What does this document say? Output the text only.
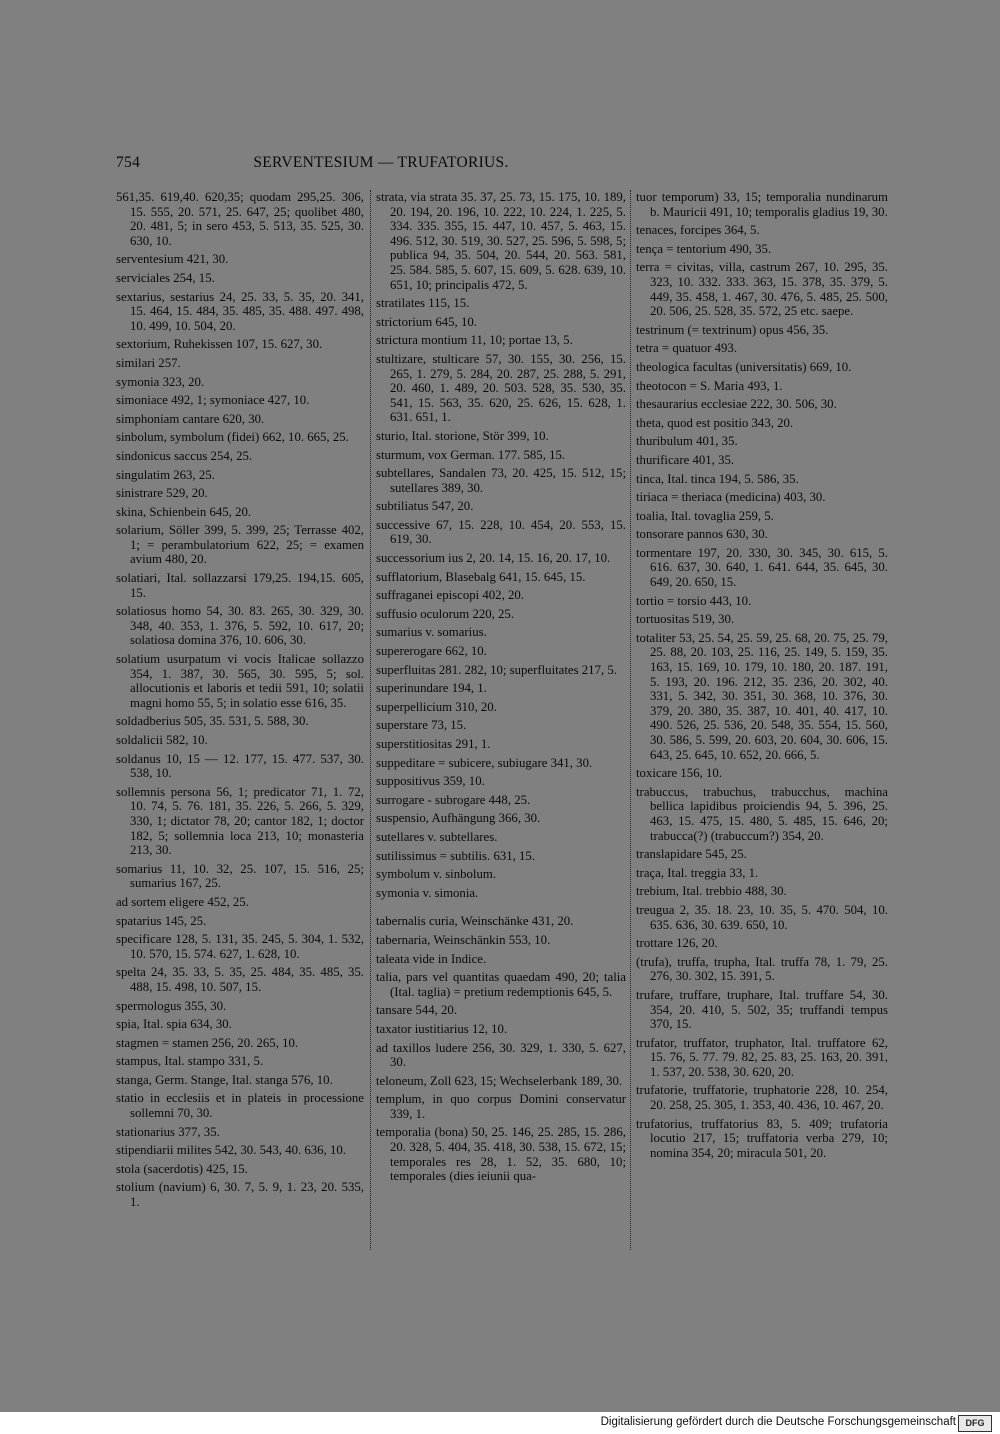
754	SERVENTESIUM — TRUFATORIUS.
561,35. 619,40. 620,35; quodam 295,25. 306, 15. 555, 20. 571, 25. 647, 25; quolibet 480, 20. 481, 5; in sero 453, 5. 513, 35. 525, 30. 630, 10.
serventesium 421, 30.
serviciales 254, 15.
sextarius, sestarius 24, 25. 33, 5. 35, 20. 341, 15. 464, 15. 484, 35. 485, 35. 488. 497. 498, 10. 499, 10. 504, 20.
sextorium, Ruhekissen 107, 15. 627, 30.
similari 257.
symonia 323, 20.
simoniace 492, 1; symoniace 427, 10.
simphoniam cantare 620, 30.
sinbolum, symbolum (fidei) 662, 10. 665, 25.
sindonicus saccus 254, 25.
singulatim 263, 25.
sinistrare 529, 20.
skina, Schienbein 645, 20.
solarium, Söller 399, 5. 399, 25; Terrasse 402, 1; = perambulatorium 622, 25; = examen avium 480, 20.
solatiari, Ital. sollazzarsi 179,25. 194,15. 605, 15.
solatiosus homo 54, 30. 83. 265, 30. 329, 30. 348, 40. 353, 1. 376, 5. 592, 10. 617, 20; solatiosa domina 376, 10. 606, 30.
solatium usurpatum vi vocis Italicae sollazzo 354, 1. 387, 30. 565, 30. 595, 5; sol. allocutionis et laboris et tedii 591, 10; solatii magni homo 55, 5; in solatio esse 616, 35.
soldadberius 505, 35. 531, 5. 588, 30.
soldalicii 582, 10.
soldanus 10, 15 — 12. 177, 15. 477. 537, 30. 538, 10.
sollemnis persona 56, 1; predicator 71, 1. 72, 10. 74, 5. 76. 181, 35. 226, 5. 266, 5. 329, 330, 1; dictator 78, 20; cantor 182, 1; doctor 182, 5; sollemnia loca 213, 10; monasteria 213, 30.
somarius 11, 10. 32, 25. 107, 15. 516, 25; sumarius 167, 25.
ad sortem eligere 452, 25.
spatarius 145, 25.
specificare 128, 5. 131, 35. 245, 5. 304, 1. 532, 10. 570, 15. 574. 627, 1. 628, 10.
spelta 24, 35. 33, 5. 35, 25. 484, 35. 485, 35. 488, 15. 498, 10. 507, 15.
spermologus 355, 30.
spia, Ital. spia 634, 30.
stagmen = stamen 256, 20. 265, 10.
stampus, Ital. stampo 331, 5.
stanga, Germ. Stange, Ital. stanga 576, 10.
statio in ecclesiis et in plateis in processione sollemni 70, 30.
stationarius 377, 35.
stipendiarii milites 542, 30. 543, 40. 636, 10.
stola (sacerdotis) 425, 15.
stolium (navium) 6, 30. 7, 5. 9, 1. 23, 20. 535, 1.
strata, via strata 35. 37, 25. 73, 15. 175, 10. 189, 20. 194, 20. 196, 10. 222, 10. 224, 1. 225, 5. 334. 335. 355, 15. 447, 10. 457, 5. 463, 15. 496. 512, 30. 519, 30. 527, 25. 596, 5. 598, 5; publica 94, 35. 504, 20. 544, 20. 563. 581, 25. 584. 585, 5. 607, 15. 609, 5. 628. 639, 10. 651, 10; principalis 472, 5.
stratilates 115, 15.
strictorium 645, 10.
strictura montium 11, 10; portae 13, 5.
stultizare, stulticare 57, 30. 155, 30. 256, 15. 265, 1. 279, 5. 284, 20. 287, 25. 288, 5. 291, 20. 460, 1. 489, 20. 503. 528, 35. 530, 35. 541, 15. 563, 35. 620, 25. 626, 15. 628, 1. 631. 651, 1.
sturio, Ital. storione, Stör 399, 10.
sturmum, vox German. 177. 585, 15.
subtellares, Sandalen 73, 20. 425, 15. 512, 15; sutellares 389, 30.
subtiliatus 547, 20.
successive 67, 15. 228, 10. 454, 20. 553, 15. 619, 30.
successorium ius 2, 20. 14, 15. 16, 20. 17, 10.
sufflatorium, Blasebalg 641, 15. 645, 15.
suffraganei episcopi 402, 20.
suffusio oculorum 220, 25.
sumarius v. somarius.
supererogare 662, 10.
superfluitas 281. 282, 10; superfluitates 217, 5.
superinundare 194, 1.
superpellicium 310, 20.
superstare 73, 15.
superstitiositas 291, 1.
suppeditare = subicere, subiugare 341, 30.
suppositivus 359, 10.
surrogare - subrogare 448, 25.
suspensio, Aufhängung 366, 30.
sutellares v. subtellares.
sutilissimus = subtilis. 631, 15.
symbolum v. sinbolum.
symonia v. simonia.
tabernalis curia, Weinschänke 431, 20.
tabernaria, Weinschänkin 553, 10.
taleata vide in Indice.
talia, pars vel quantitas quaedam 490, 20; talia (Ital. taglia) = pretium redemptionis 645, 5.
tansare 544, 20.
taxator iustitiarius 12, 10.
ad taxillos ludere 256, 30. 329, 1. 330, 5. 627, 30.
teloneum, Zoll 623, 15; Wechselerbank 189, 30.
templum, in quo corpus Domini conservatur 339, 1.
temporalia (bona) 50, 25. 146, 25. 285, 15. 286, 20. 328, 5. 404, 35. 418, 30. 538, 15. 672, 15; temporales res 28, 1. 52, 35. 680, 10; temporales (dies ieiunii qua-
tuor temporum) 33, 15; temporalia nundinarum b. Mauricii 491, 10; temporalis gladius 19, 30.
tenaces, forcipes 364, 5.
tença = tentorium 490, 35.
terra = civitas, villa, castrum 267, 10. 295, 35. 323, 10. 332. 333. 363, 15. 378, 35. 379, 5. 449, 35. 458, 1. 467, 30. 476, 5. 485, 25. 500, 20. 506, 25. 528, 35. 572, 25 etc. saepe.
testrinum (= textrinum) opus 456, 35.
tetra = quatuor 493.
theologica facultas (universitatis) 669, 10.
theotocon = S. Maria 493, 1.
thesaurarius ecclesiae 222, 30. 506, 30.
theta, quod est positio 343, 20.
thuribulum 401, 35.
thurificare 401, 35.
tinca, Ital. tinca 194, 5. 586, 35.
tiriaca = theriaca (medicina) 403, 30.
toalia, Ital. tovaglia 259, 5.
tonsorare pannos 630, 30.
tormentare 197, 20. 330, 30. 345, 30. 615, 5. 616. 637, 30. 640, 1. 641. 644, 35. 645, 30. 649, 20. 650, 15.
tortio = torsio 443, 10.
tortuositas 519, 30.
totaliter 53, 25. 54, 25. 59, 25. 68, 20. 75, 25. 79, 25. 88, 20. 103, 25. 116, 25. 149, 5. 159, 35. 163, 15. 169, 10. 179, 10. 180, 20. 187. 191, 5. 193, 20. 196. 212, 35. 236, 20. 302, 40. 331, 5. 342, 30. 351, 30. 368, 10. 376, 30. 379, 20. 380, 35. 387, 10. 401, 40. 417, 10. 490. 526, 25. 536, 20. 548, 35. 554, 15. 560, 30. 586, 5. 599, 20. 603, 20. 604, 30. 606, 15. 643, 25. 645, 10. 652, 20. 666, 5.
toxicare 156, 10.
trabuccus, trabuchus, trabucchus, machina bellica lapidibus proiciendis 94, 5. 396, 25. 463, 15. 475, 15. 480, 5. 485, 15. 646, 20; trabucca(?) (trabuccum?) 354, 20.
translapidare 545, 25.
traça, Ital. treggia 33, 1.
trebium, Ital. trebbio 488, 30.
treugua 2, 35. 18. 23, 10. 35, 5. 470. 504, 10. 635. 636, 30. 639. 650, 10.
trottare 126, 20.
(trufa), truffa, trupha, Ital. truffa 78, 1. 79, 25. 276, 30. 302, 15. 391, 5.
trufare, truffare, truphare, Ital. truffare 54, 30. 354, 20. 410, 5. 502, 35; truffandi tempus 370, 15.
trufator, truffator, truphator, Ital. truffatore 62, 15. 76, 5. 77. 79. 82, 25. 83, 25. 163, 20. 391, 1. 537, 20. 538, 30. 620, 20.
trufatorie, truffatorie, truphatorie 228, 10. 254, 20. 258, 25. 305, 1. 353, 40. 436, 10. 467, 20.
trufatorius, truffatorius 83, 5. 409; trufatoria locutio 217, 15; truffatoria verba 279, 10; nomina 354, 20; miracula 501, 20.
Digitalisierung gefördert durch die Deutsche Forschungsgemeinschaft	DFG
